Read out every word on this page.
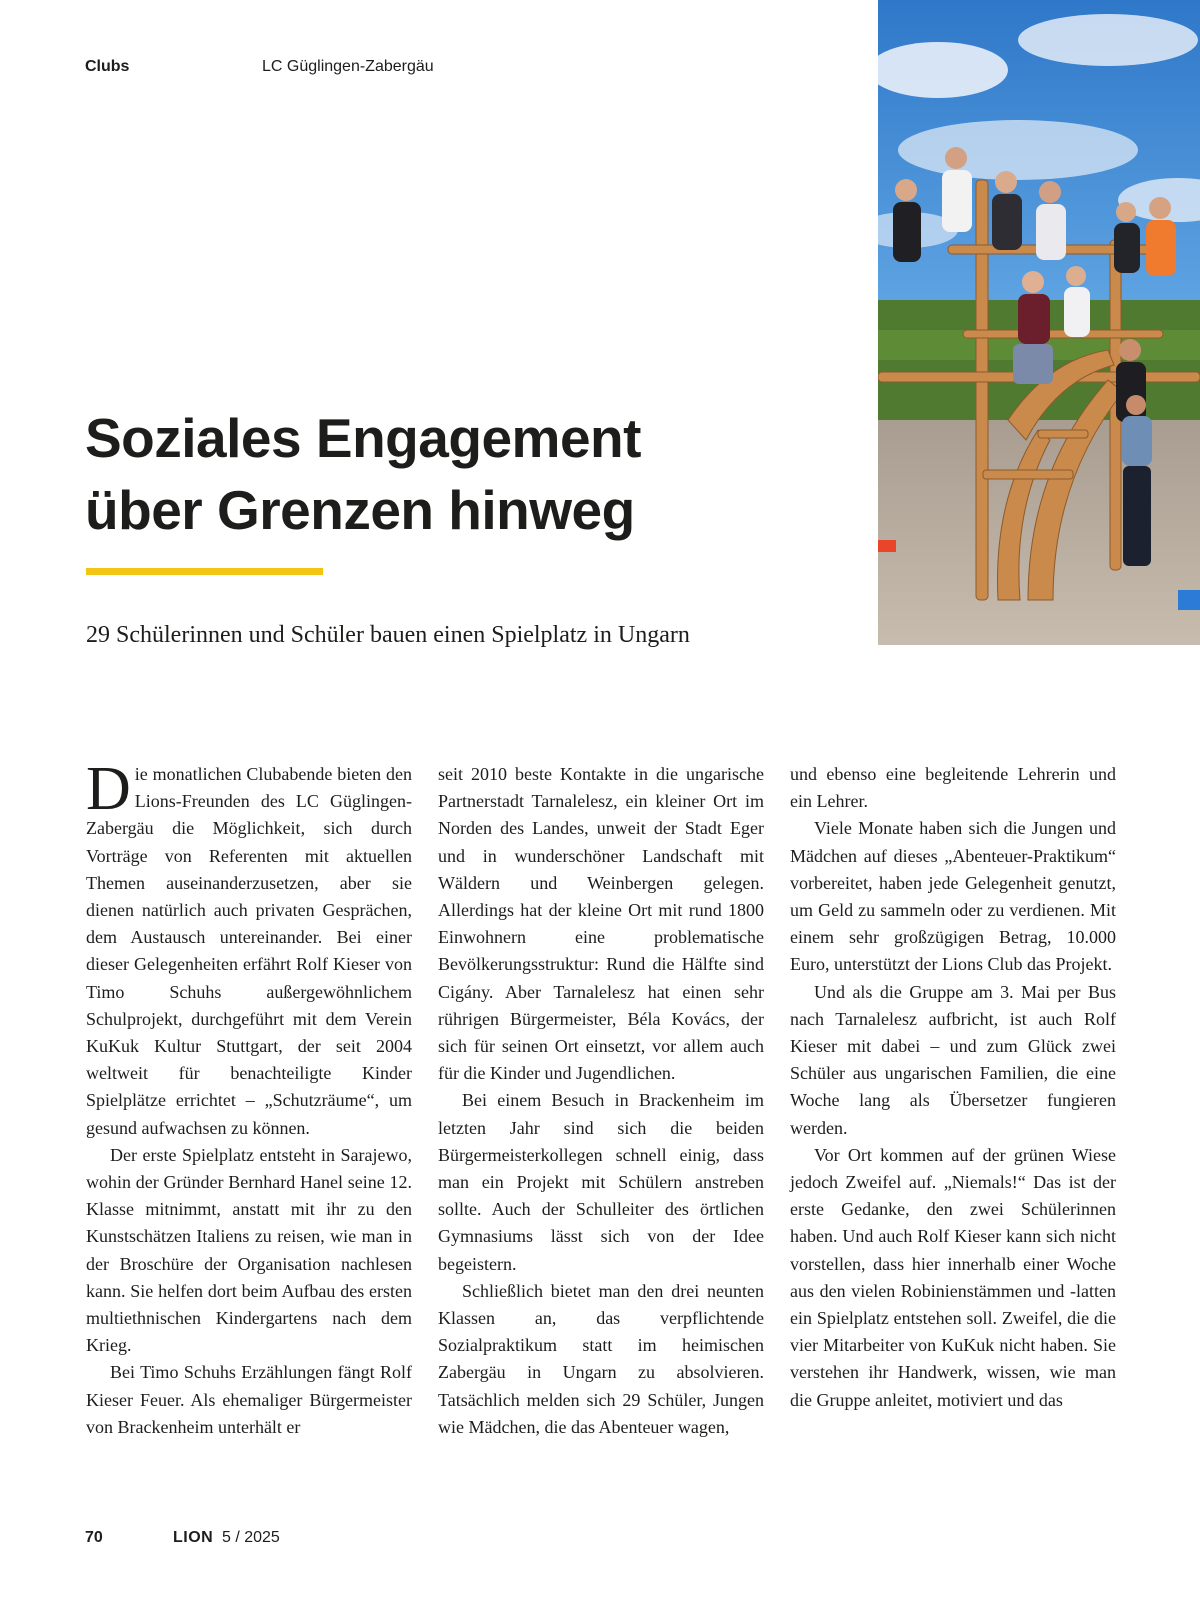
Clubs	LC Güglingen-Zabergäu
Soziales Engagement
über Grenzen hinweg
29 Schülerinnen und Schüler bauen einen Spielplatz in Ungarn

Die monatlichen Clubabende bieten den Lions-Freunden des LC Güglingen-Zabergäu die Möglichkeit, sich durch Vorträge von Referenten mit aktuellen Themen auseinanderzusetzen, aber sie dienen natürlich auch privaten Gesprächen, dem Austausch untereinander. Bei einer dieser Gelegenheiten erfährt Rolf Kieser von Timo Schuhs außergewöhnlichem Schulprojekt, durchgeführt mit dem Verein KuKuk Kultur Stuttgart, der seit 2004 weltweit für benachteiligte Kinder Spielplätze errichtet – „Schutzräume“, um gesund aufwachsen zu können.

Der erste Spielplatz entsteht in Sarajewo, wohin der Gründer Bernhard Hanel seine 12. Klasse mitnimmt, anstatt mit ihr zu den Kunstschätzen Italiens zu reisen, wie man in der Broschüre der Organisation nachlesen kann. Sie helfen dort beim Aufbau des ersten multiethnischen Kindergartens nach dem Krieg.

Bei Timo Schuhs Erzählungen fängt Rolf Kieser Feuer. Als ehemaliger Bürgermeister von Brackenheim unterhält er

seit 2010 beste Kontakte in die ungarische Partnerstadt Tarnalelesz, ein kleiner Ort im Norden des Landes, unweit der Stadt Eger und in wunderschöner Landschaft mit Wäldern und Weinbergen gelegen. Allerdings hat der kleine Ort mit rund 1800 Einwohnern eine problematische Bevölkerungsstruktur: Rund die Hälfte sind Cigány. Aber Tarnalelesz hat einen sehr rührigen Bürgermeister, Béla Kovács, der sich für seinen Ort einsetzt, vor allem auch für die Kinder und Jugendlichen.

Bei einem Besuch in Brackenheim im letzten Jahr sind sich die beiden Bürgermeisterkollegen schnell einig, dass man ein Projekt mit Schülern anstreben sollte. Auch der Schulleiter des örtlichen Gymnasiums lässt sich von der Idee begeistern.

Schließlich bietet man den drei neunten Klassen an, das verpflichtende Sozialpraktikum statt im heimischen Zabergäu in Ungarn zu absolvieren. Tatsächlich melden sich 29 Schüler, Jungen wie Mädchen, die das Abenteuer wagen,

und ebenso eine begleitende Lehrerin und ein Lehrer.

Viele Monate haben sich die Jungen und Mädchen auf dieses „Abenteuer-Praktikum“ vorbereitet, haben jede Gelegenheit genutzt, um Geld zu sammeln oder zu verdienen. Mit einem sehr großzügigen Betrag, 10.000 Euro, unterstützt der Lions Club das Projekt.

Und als die Gruppe am 3. Mai per Bus nach Tarnalelesz aufbricht, ist auch Rolf Kieser mit dabei – und zum Glück zwei Schüler aus ungarischen Familien, die eine Woche lang als Übersetzer fungieren werden.

Vor Ort kommen auf der grünen Wiese jedoch Zweifel auf. „Niemals!“ Das ist der erste Gedanke, den zwei Schülerinnen haben. Und auch Rolf Kieser kann sich nicht vorstellen, dass hier innerhalb einer Woche aus den vielen Robinienstämmen und -latten ein Spielplatz entstehen soll. Zweifel, die die vier Mitarbeiter von KuKuk nicht haben. Sie verstehen ihr Handwerk, wissen, wie man die Gruppe anleitet, motiviert und das

70	LION 5 / 2025
